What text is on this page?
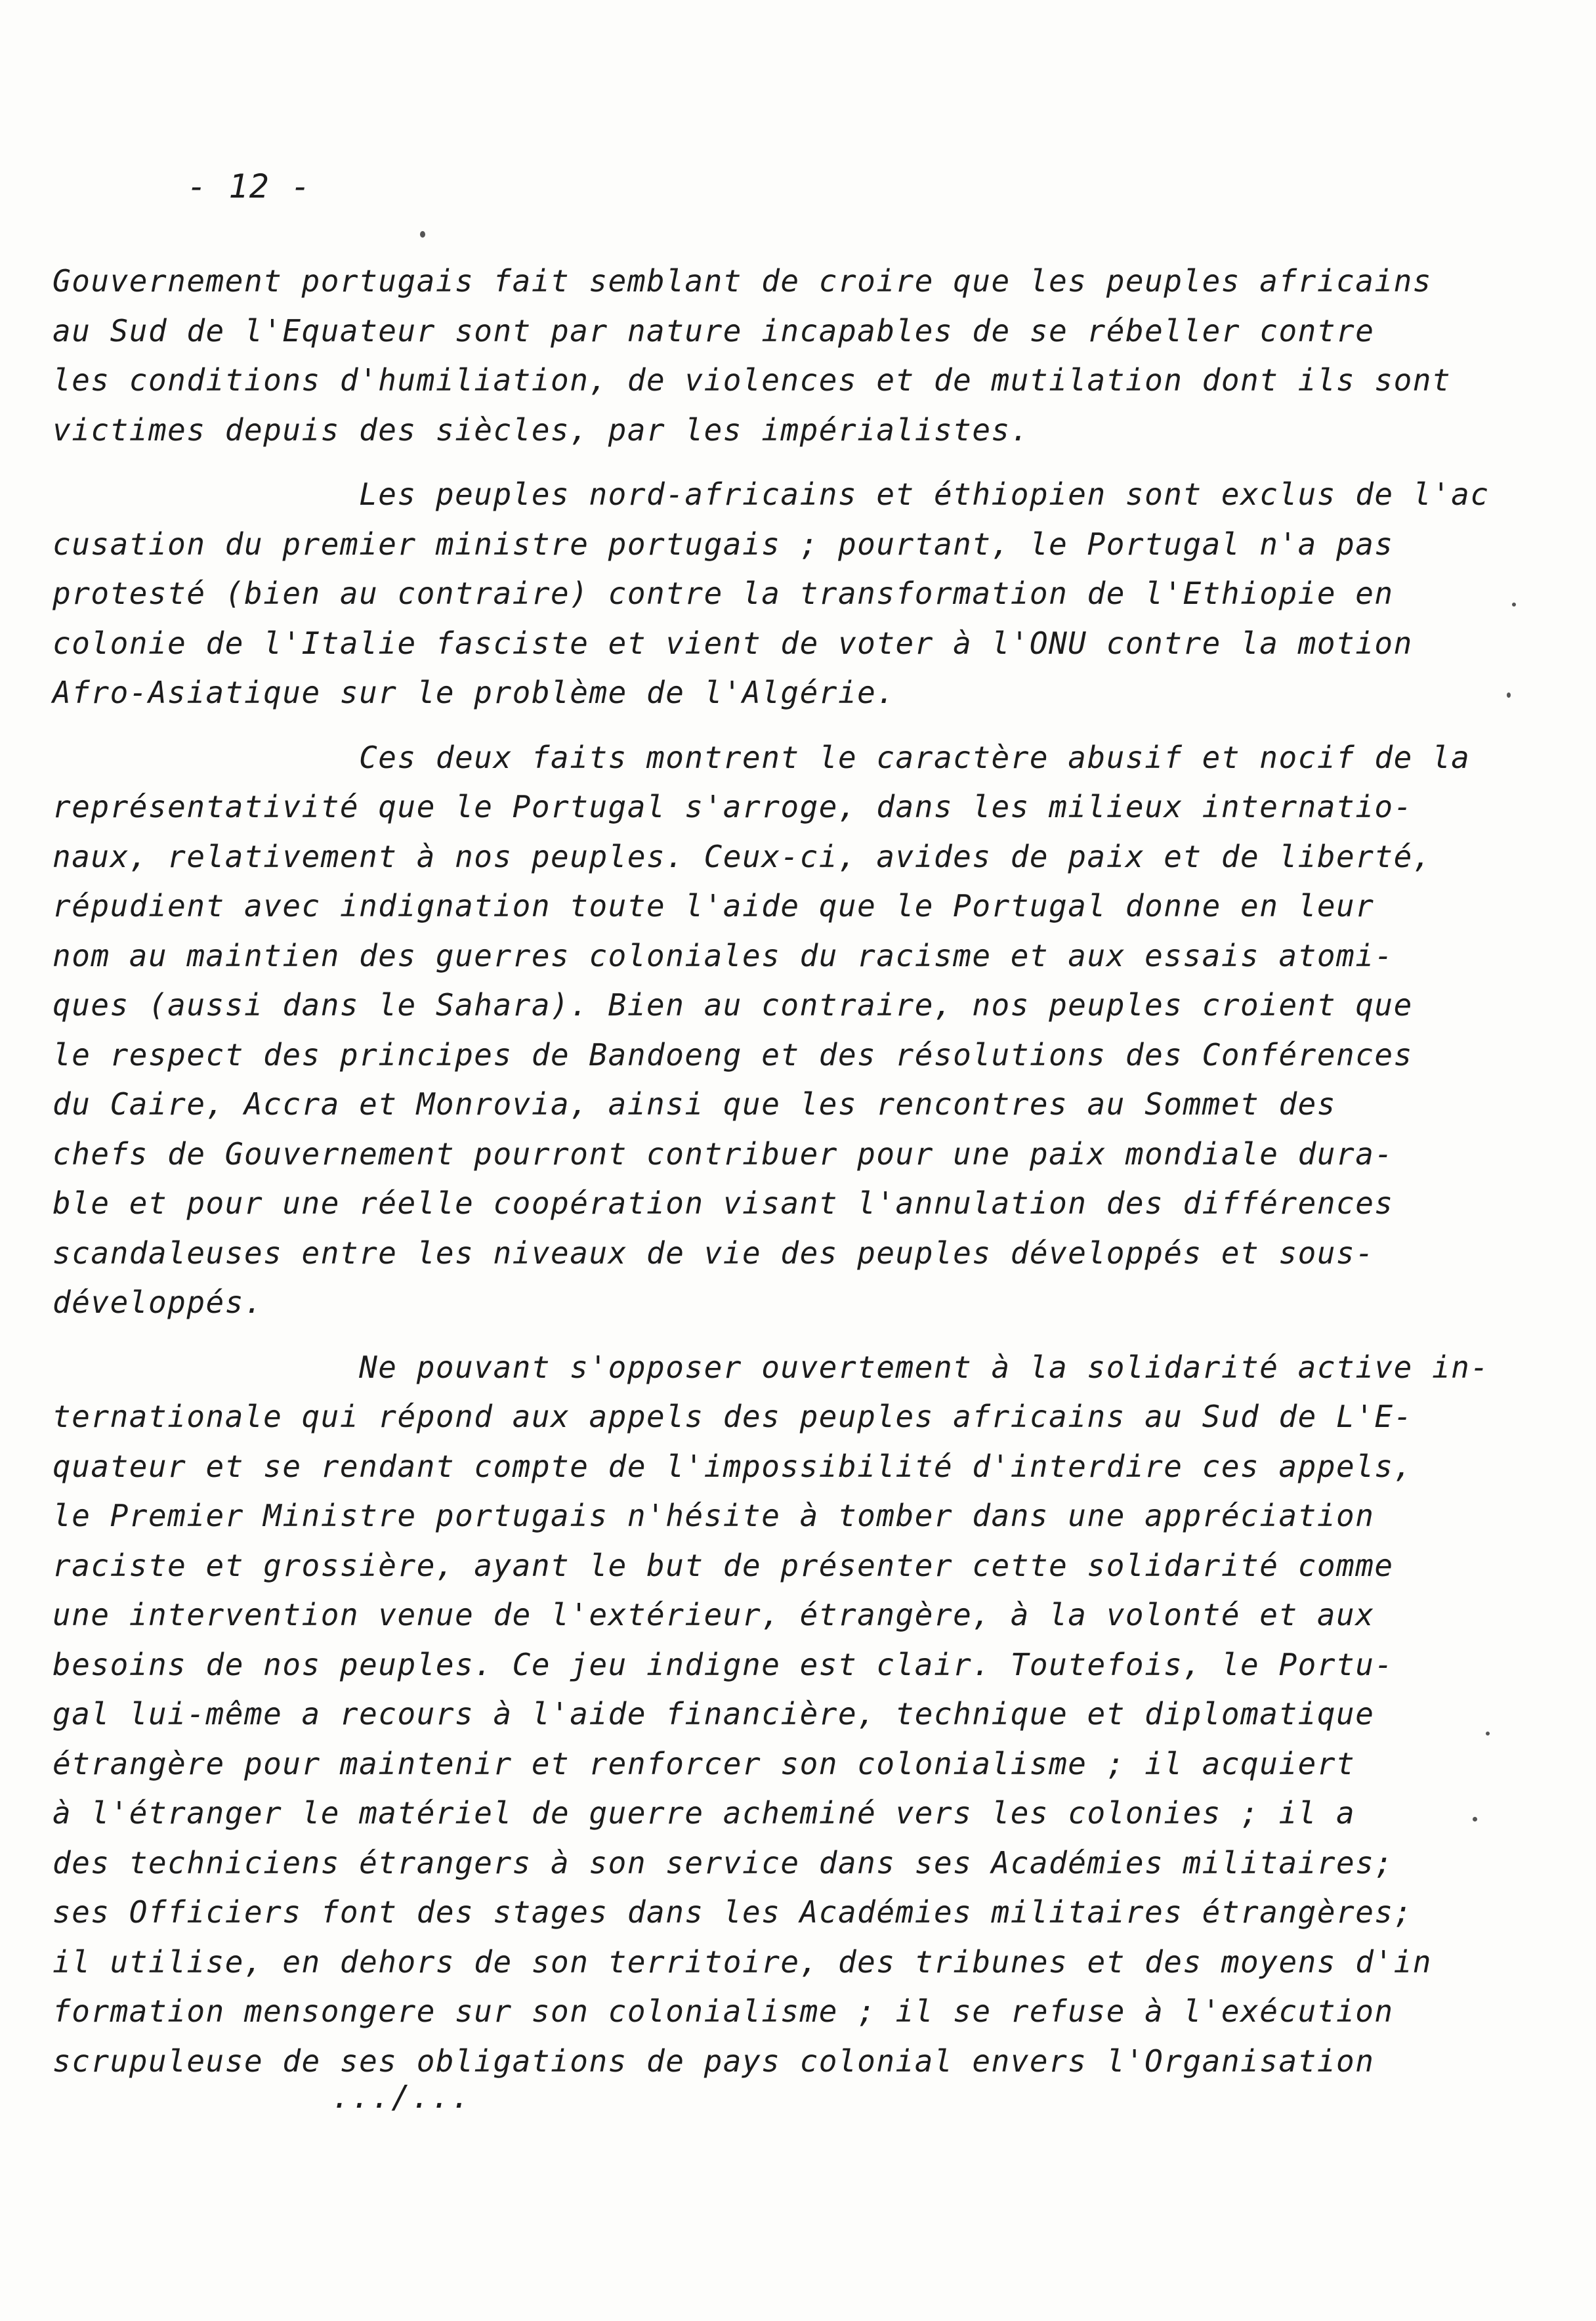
- 12 -
Gouvernement portugais fait semblant de croire que les peuples africains
au Sud de l'Equateur sont par nature incapables de se rébeller contre
les conditions d'humiliation, de violences et de mutilation dont ils sont
victimes depuis des siècles, par les impérialistes.
Les peuples nord-africains et éthiopien sont exclus de l'ac
cusation du premier ministre portugais ; pourtant, le Portugal n'a pas
protesté (bien au contraire) contre la transformation de l'Ethiopie en
colonie de l'Italie fasciste et vient de voter à l'ONU contre la motion
Afro-Asiatique sur le problème de l'Algérie.
Ces deux faits montrent le caractère abusif et nocif de la
représentativité que le Portugal s'arroge, dans les milieux internatio-
naux, relativement à nos peuples. Ceux-ci, avides de paix et de liberté,
répudient avec indignation toute l'aide que le Portugal donne en leur
nom au maintien des guerres coloniales du racisme et aux essais atomi-
ques (aussi dans le Sahara). Bien au contraire, nos peuples croient que
le respect des principes de Bandoeng et des résolutions des Conférences
du Caire, Accra et Monrovia, ainsi que les rencontres au Sommet des
chefs de Gouvernement pourront contribuer pour une paix mondiale dura-
ble et pour une réelle coopération visant l'annulation des différences
scandaleuses entre les niveaux de vie des peuples développés et sous-
développés.
Ne pouvant s'opposer ouvertement à la solidarité active in-
ternationale qui répond aux appels des peuples africains au Sud de L'E-
quateur et se rendant compte de l'impossibilité d'interdire ces appels,
le Premier Ministre portugais n'hésite à tomber dans une appréciation
raciste et grossière, ayant le but de présenter cette solidarité comme
une intervention venue de l'extérieur, étrangère, à la volonté et aux
besoins de nos peuples. Ce jeu indigne est clair. Toutefois, le Portu-
gal lui-même a recours à l'aide financière, technique et diplomatique
étrangère pour maintenir et renforcer son colonialisme ; il acquiert
à l'étranger le matériel de guerre acheminé vers les colonies ; il a
des techniciens étrangers à son service dans ses Académies militaires;
ses Officiers font des stages dans les Académies militaires étrangères;
il utilise, en dehors de son territoire, des tribunes et des moyens d'in
formation mensongere sur son colonialisme ; il se refuse à l'exécution
scrupuleuse de ses obligations de pays colonial envers l'Organisation
.../...
